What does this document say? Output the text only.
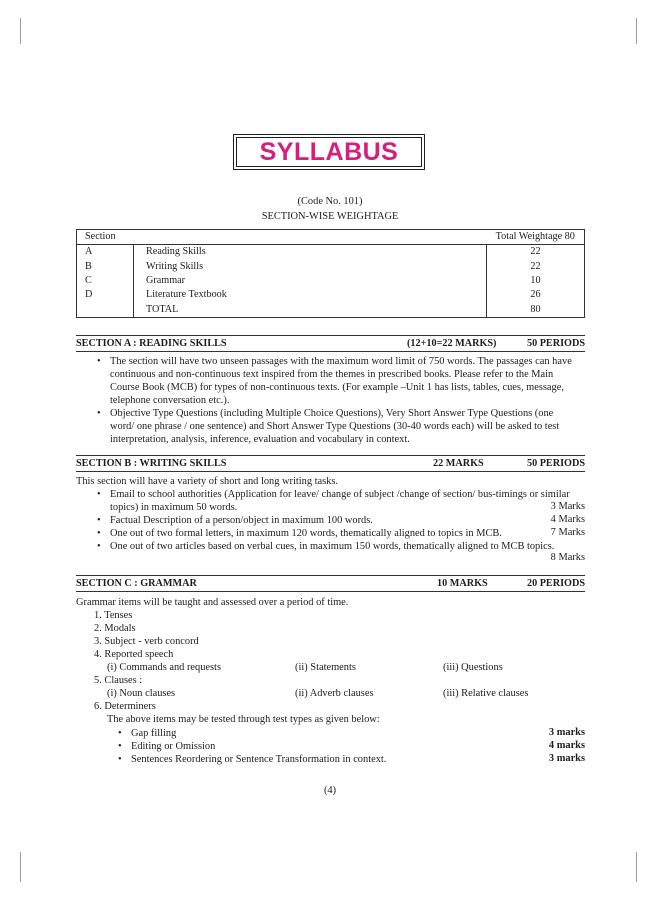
SYLLABUS
(Code No. 101)
SECTION-WISE WEIGHTAGE
Section		Total Weightage 80
A	Reading Skills	22
B	Writing Skills	22
C	Grammar	10
D	Literature Textbook	26
	TOTAL	80
SECTION A : READING SKILLS	(12+10=22 MARKS)	50 PERIODS
• The section will have two unseen passages with the maximum word limit of 750 words. The passages can have
continuous and non-continuous text inspired from the themes in prescribed books. Please refer to the Main
Course Book (MCB) for types of non-continuous texts. (For example –Unit 1 has lists, tables, cues, message,
telephone conversation etc.).
• Objective Type Questions (including Multiple Choice Questions), Very Short Answer Type Questions (one
word/ one phrase / one sentence) and Short Answer Type Questions (30-40 words each) will be asked to test
interpretation, analysis, inference, evaluation and vocabulary in context.
SECTION B : WRITING SKILLS	22 MARKS	50 PERIODS
This section will have a variety of short and long writing tasks.
• Email to school authorities (Application for leave/ change of subject /change of section/ bus-timings or similar
topics) in maximum 50 words.	3 Marks
• Factual Description of a person/object in maximum 100 words.	4 Marks
• One out of two formal letters, in maximum 120 words, thematically aligned to topics in MCB.	7 Marks
• One out of two articles based on verbal cues, in maximum 150 words, thematically aligned to MCB topics.
8 Marks
SECTION C : GRAMMAR	10 MARKS	20 PERIODS
Grammar items will be taught and assessed over a period of time.
1. Tenses
2. Modals
3. Subject - verb concord
4. Reported speech
(i) Commands and requests	(ii) Statements	(iii) Questions
5. Clauses :
(i) Noun clauses	(ii) Adverb clauses	(iii) Relative clauses
6. Determiners
The above items may be tested through test types as given below:
• Gap filling	3 marks
• Editing or Omission	4 marks
• Sentences Reordering or Sentence Transformation in context.	3 marks
(4)
